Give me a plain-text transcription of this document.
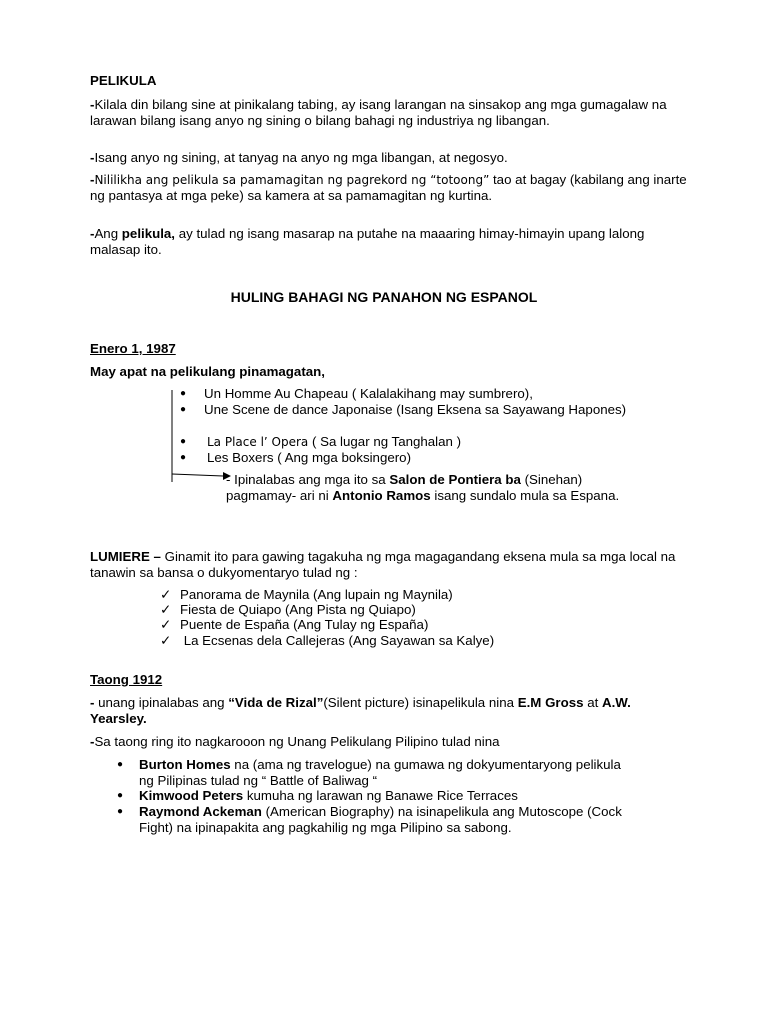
PELIKULA

-Kilala din bilang sine at pinikalang tabing, ay isang larangan na sinsakop ang mga gumagalaw na larawan bilang isang anyo ng sining o bilang bahagi ng industriya ng libangan.

-Isang anyo ng sining, at tanyag na anyo ng mga libangan, at negosyo.

-Nililikha ang pelikula sa pamamagitan ng pagrekord ng “totoong” tao at bagay (kabilang ang inarte ng pantasya at mga peke) sa kamera at sa pamamagitan ng kurtina.

-Ang pelikula, ay tulad ng isang masarap na putahe na maaaring himay-himayin upang lalong malasap ito.

HULING BAHAGI NG PANAHON NG ESPANOL
Enero 1, 1987
May apat na pelikulang pinamagatan,
● Un Homme Au Chapeau ( Kalalakihang may sumbrero),
● Une Scene de dance Japonaise (Isang Eksena sa Sayawang Hapones)
● La Place l’ Opera ( Sa lugar ng Tanghalan )
● Les Boxers ( Ang mga boksingero)

- Ipinalabas ang mga ito sa Salon de Pontiera ba (Sinehan) pagmamay- ari ni Antonio Ramos isang sundalo mula sa Espana.

LUMIERE – Ginamit ito para gawing tagakuha ng mga magagandang eksena mula sa mga local na tanawin sa bansa o dukyomentaryo tulad ng :

✓ Panorama de Maynila (Ang lupain ng Maynila)
✓ Fiesta de Quiapo (Ang Pista ng Quiapo)
✓ Puente de España (Ang Tulay ng España)
✓ La Ecsenas dela Callejeras (Ang Sayawan sa Kalye)
Taong 1912

- unang ipinalabas ang “Vida de Rizal”(Silent picture) isinapelikula nina E.M Gross at A.W. Yearsley.

-Sa taong ring ito nagkarooon ng Unang Pelikulang Pilipino tulad nina

● Burton Homes na (ama ng travelogue) na gumawa ng dokyumentaryong pelikula ng Pilipinas tulad ng “ Battle of Baliwag “
● Kimwood Peters kumuha ng larawan ng Banawe Rice Terraces
● Raymond Ackeman (American Biography) na isinapelikula ang Mutoscope (Cock Fight) na ipinapakita ang pagkahilig ng mga Pilipino sa sabong.
